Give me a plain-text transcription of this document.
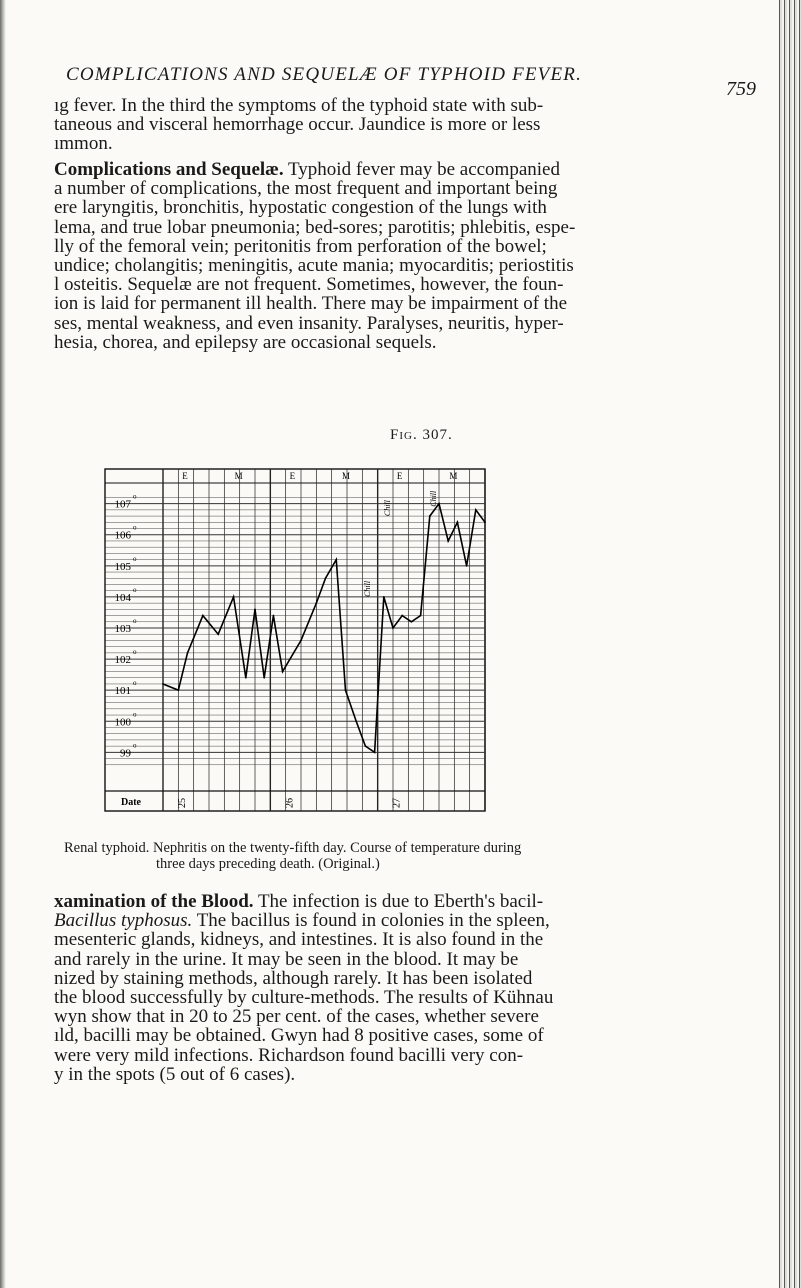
COMPLICATIONS AND SEQUELÆ OF TYPHOID FEVER.
759

ıg fever. In the third the symptoms of the typhoid state with sub-
taneous and visceral hemorrhage occur. Jaundice is more or less
ımmon.

Complications and Sequelæ. Typhoid fever may be accompanied
a number of complications, the most frequent and important being
ere laryngitis, bronchitis, hypostatic congestion of the lungs with
lema, and true lobar pneumonia; bed-sores; parotitis; phlebitis, espe-
lly of the femoral vein; peritonitis from perforation of the bowel;
undice; cholangitis; meningitis, acute mania; myocarditis; periostitis
l osteitis. Sequelæ are not frequent. Sometimes, however, the foun-
ion is laid for permanent ill health. There may be impairment of the
ses, mental weakness, and even insanity. Paralyses, neuritis, hyper-
hesia, chorea, and epilepsy are occasional sequels.

Fig. 307.
107
o
106
o
105
o
104
o
103
o
102
o
101
o
100
o
99
o
E	M	E	M	E	M
Date	25	26	27
Chill
Chill
Chill
Renal typhoid. Nephritis on the twenty-fifth day. Course of temperature during
three days preceding death. (Original.)

xamination of the Blood. The infection is due to Eberth's bacil-
Bacillus typhosus. The bacillus is found in colonies in the spleen,
mesenteric glands, kidneys, and intestines. It is also found in the
and rarely in the urine. It may be seen in the blood. It may be
nized by staining methods, although rarely. It has been isolated
the blood successfully by culture-methods. The results of Kühnau
wyn show that in 20 to 25 per cent. of the cases, whether severe
ıld, bacilli may be obtained. Gwyn had 8 positive cases, some of
were very mild infections. Richardson found bacilli very con-
y in the spots (5 out of 6 cases).
